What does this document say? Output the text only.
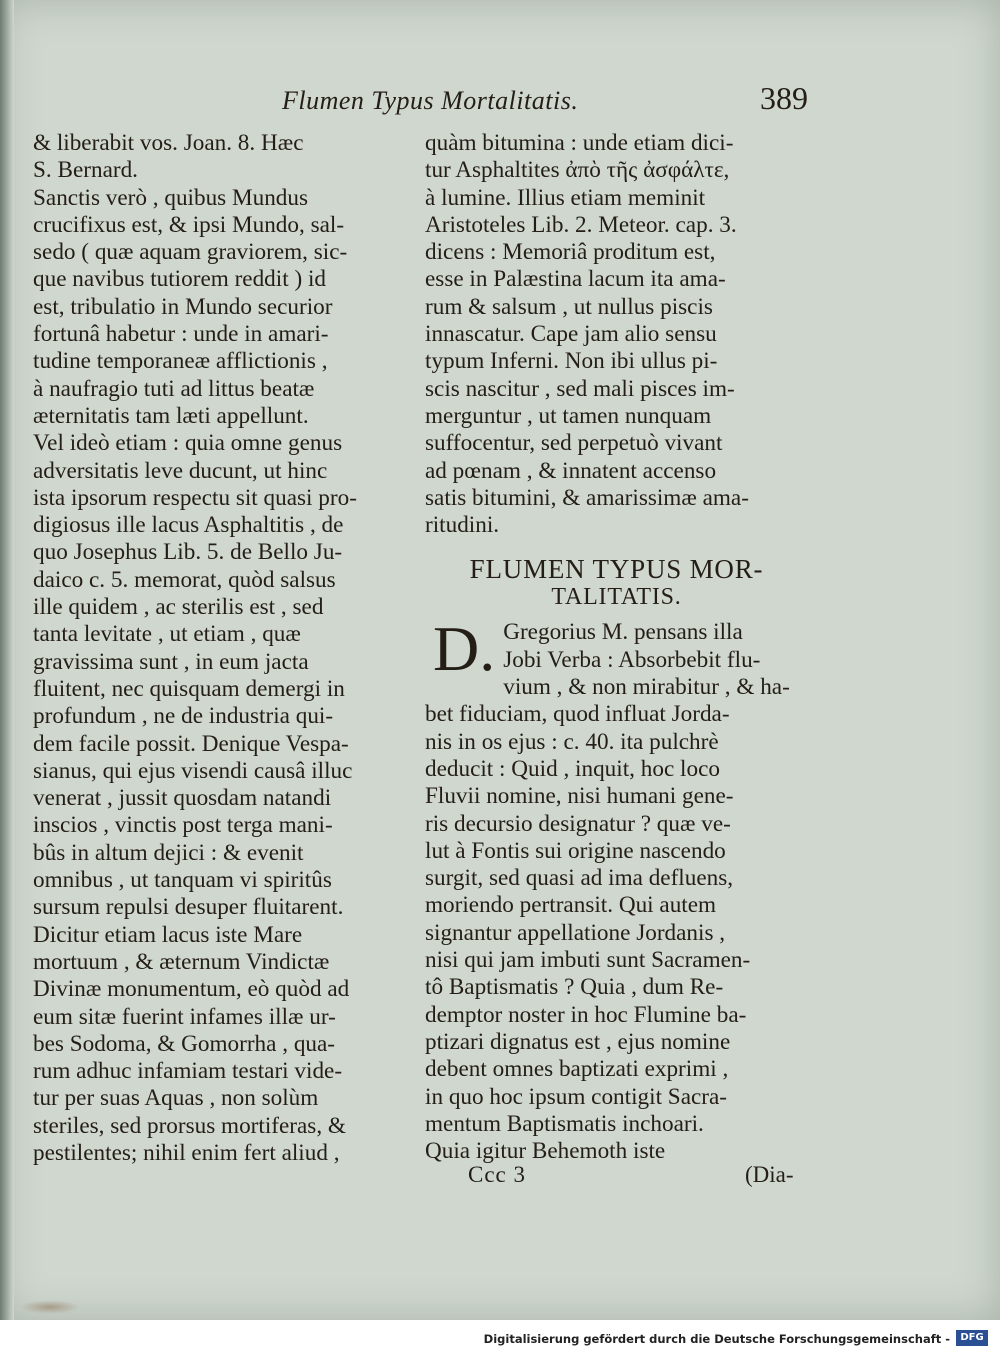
Flumen Typus Mortalitatis.	389

& liberabit vos. Joan. 8. Hæc
S. Bernard.
Sanctis verò , quibus Mundus
crucifixus est, & ipsi Mundo, sal-
sedo ( quæ aquam graviorem, sic-
que navibus tutiorem reddit ) id
est, tribulatio in Mundo securior
fortunâ habetur : unde in amari-
tudine temporaneæ afflictionis ,
à naufragio tuti ad littus beatæ
æternitatis tam læti appellunt.
Vel ideò etiam : quia omne genus
adversitatis leve ducunt, ut hinc
ista ipsorum respectu sit quasi pro-
digiosus ille lacus Asphaltitis , de
quo Josephus Lib. 5. de Bello Ju-
daico c. 5. memorat, quòd salsus
ille quidem , ac sterilis est , sed
tanta levitate , ut etiam , quæ
gravissima sunt , in eum jacta
fluitent, nec quisquam demergi in
profundum , ne de industria qui-
dem facile possit. Denique Vespa-
sianus, qui ejus visendi causâ illuc
venerat , jussit quosdam natandi
inscios , vinctis post terga mani-
bûs in altum dejici : & evenit
omnibus , ut tanquam vi spiritûs
sursum repulsi desuper fluitarent.
Dicitur etiam lacus iste Mare
mortuum , & æternum Vindictæ
Divinæ monumentum, eò quòd ad
eum sitæ fuerint infames illæ ur-
bes Sodoma, & Gomorrha , qua-
rum adhuc infamiam testari vide-
tur per suas Aquas , non solùm
steriles, sed prorsus mortiferas, &
pestilentes; nihil enim fert aliud ,

quàm bitumina : unde etiam dici-
tur Asphaltites ἀπὸ τῆς ἀσφάλτε,
à lumine. Illius etiam meminit
Aristoteles Lib. 2. Meteor. cap. 3.
dicens : Memoriâ proditum est,
esse in Palæstina lacum ita ama-
rum & salsum , ut nullus piscis
innascatur. Cape jam alio sensu
typum Inferni. Non ibi ullus pi-
scis nascitur , sed mali pisces im-
merguntur , ut tamen nunquam
suffocentur, sed perpetuò vivant
ad pœnam , & innatent accenso
satis bitumini, & amarissimæ ama-
ritudini.

FLUMEN TYPUS MOR-
TALITATIS.
D. Gregorius M. pensans illa
Jobi Verba : Absorbebit flu-
vium , & non mirabitur , & ha-
bet fiduciam, quod influat Jorda-
nis in os ejus : c. 40. ita pulchrè
deducit : Quid , inquit, hoc loco
Fluvii nomine, nisi humani gene-
ris decursio designatur ? quæ ve-
lut à Fontis sui origine nascendo
surgit, sed quasi ad ima defluens,
moriendo pertransit. Qui autem
signantur appellatione Jordanis ,
nisi qui jam imbuti sunt Sacramen-
tô Baptismatis ? Quia , dum Re-
demptor noster in hoc Flumine ba-
ptizari dignatus est , ejus nomine
debent omnes baptizati exprimi ,
in quo hoc ipsum contigit Sacra-
mentum Baptismatis inchoari.
Quia igitur Behemoth iste

Ccc 3	(Dia-
Digitalisierung gefördert durch die Deutsche Forschungsgemeinschaft -	DFG
